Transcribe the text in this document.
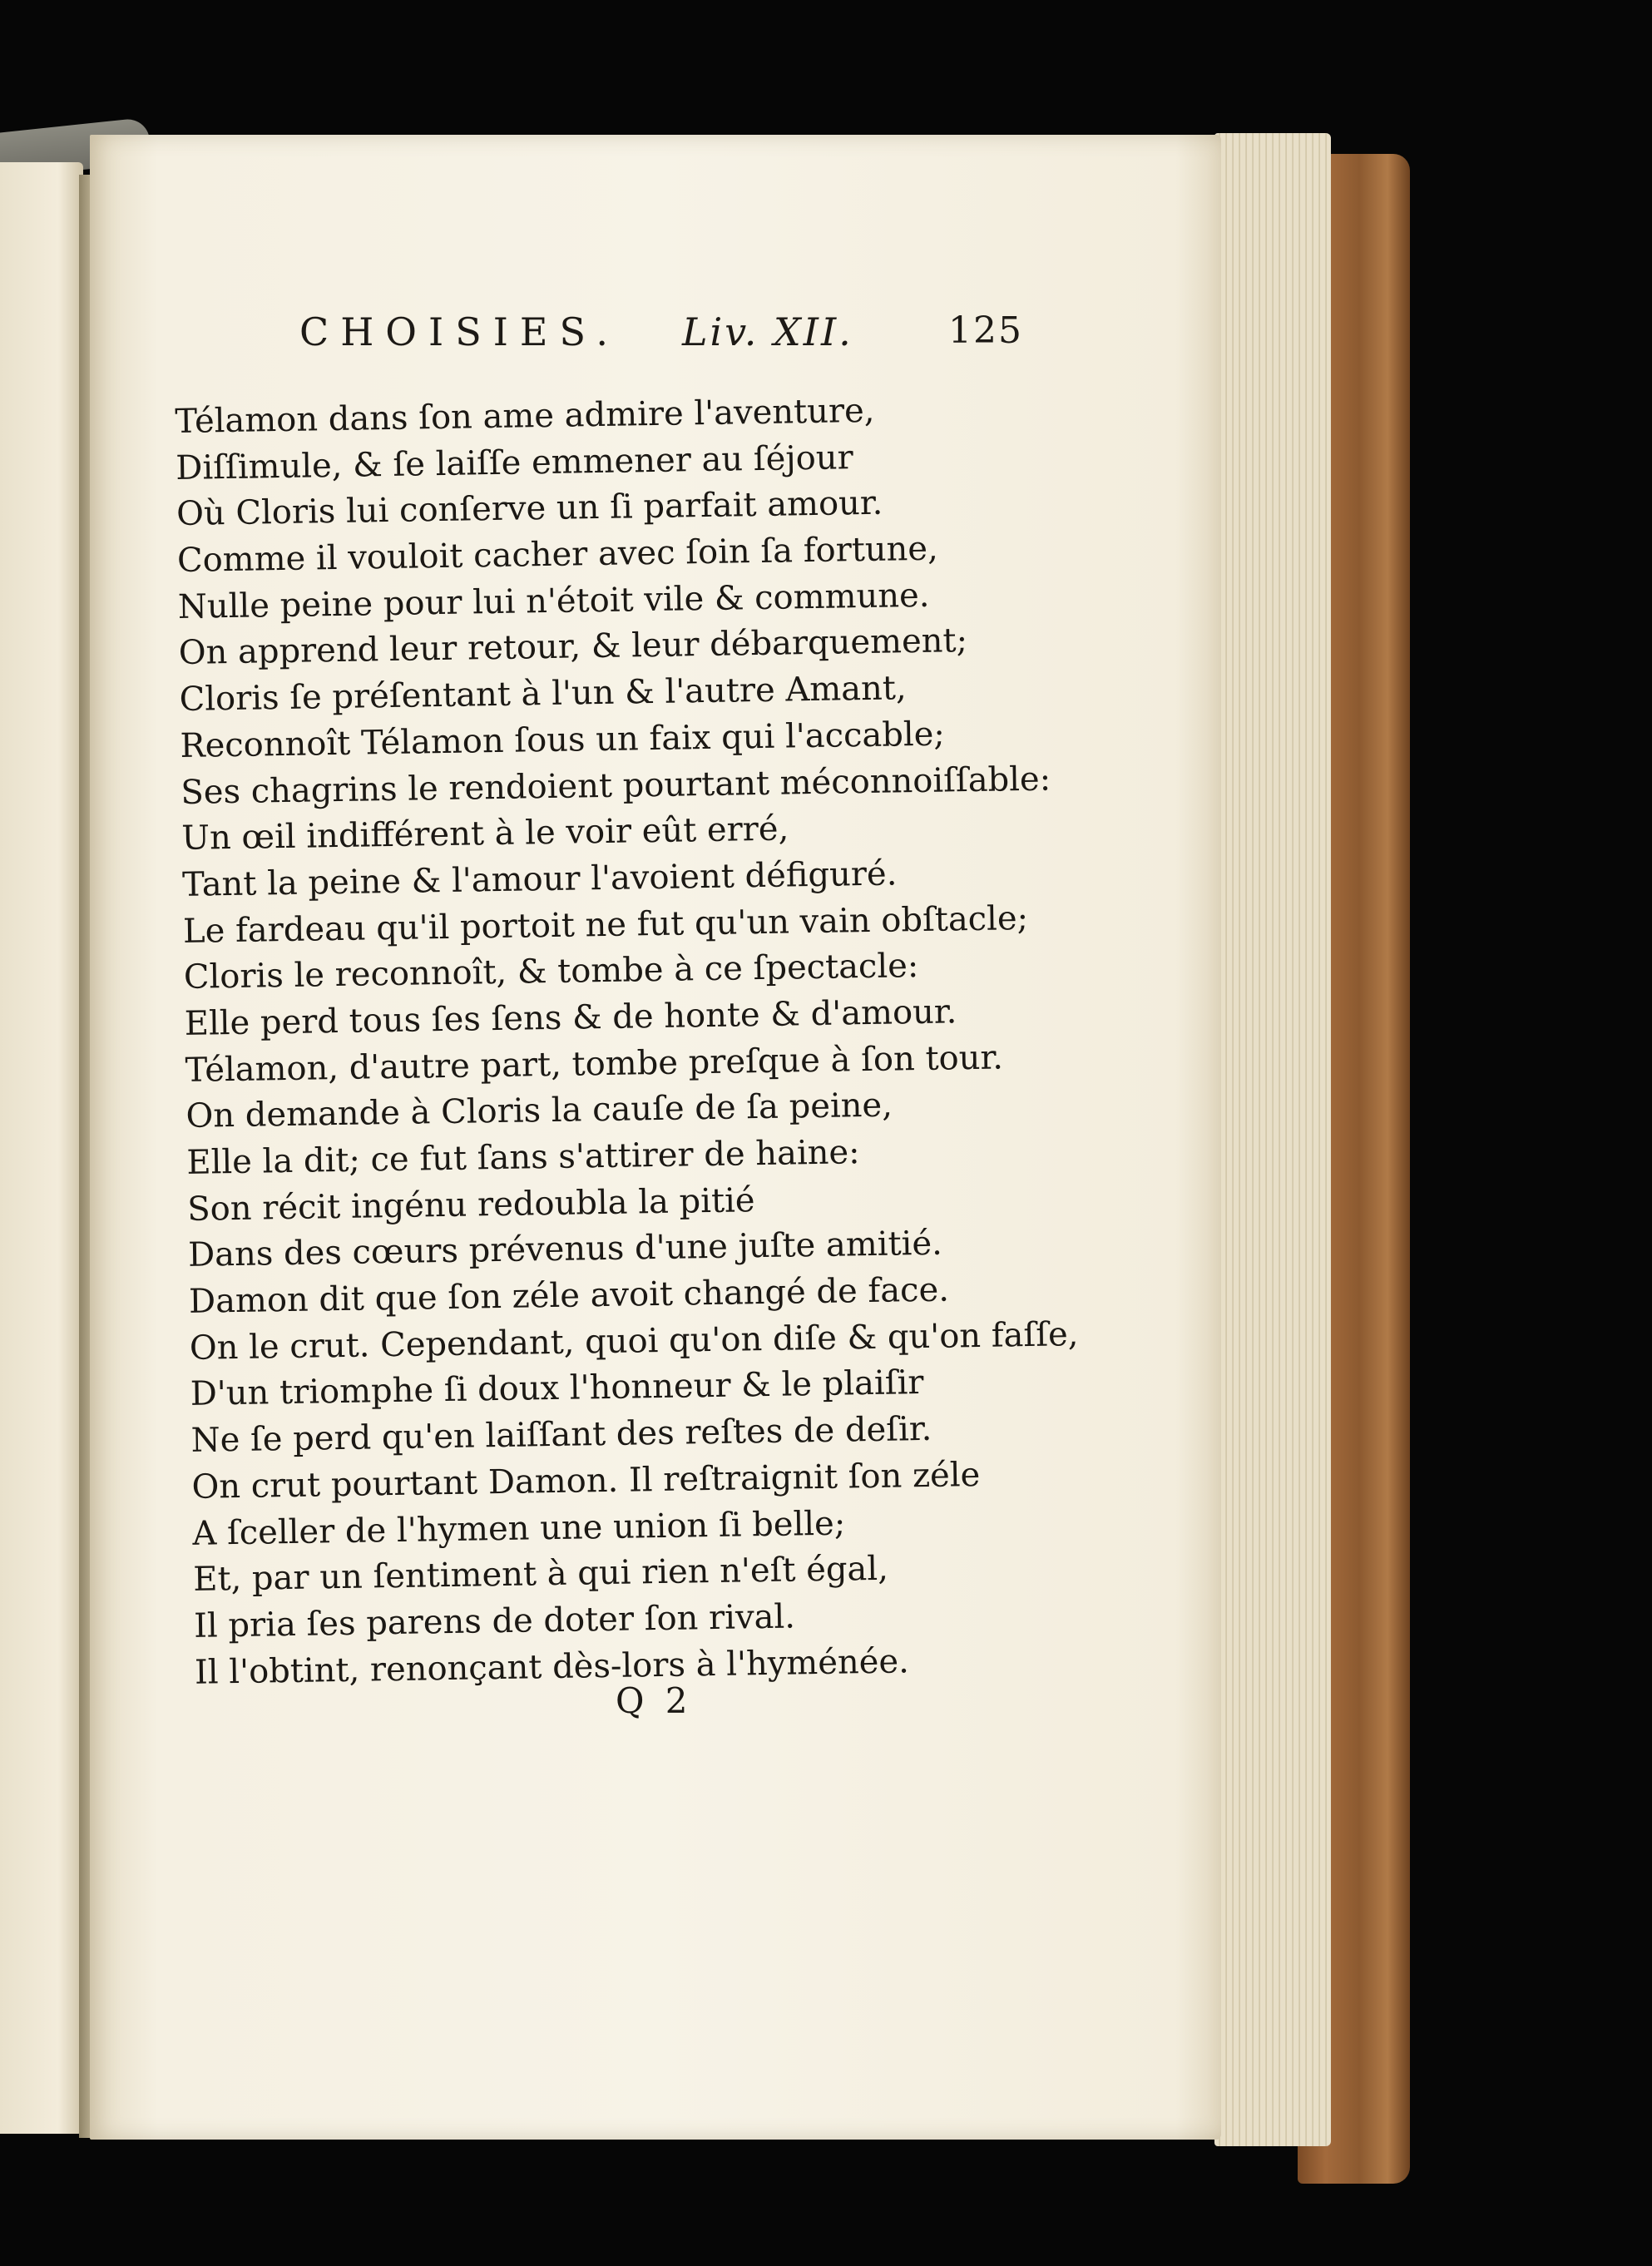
CHOISIES. Liv. XII.	125
Télamon dans ſon ame admire l'aventure,
Diſſimule, & ſe laiſſe emmener au ſéjour
Où Cloris lui conſerve un ſi parfait amour.
Comme il vouloit cacher avec ſoin ſa fortune,
Nulle peine pour lui n'étoit vile & commune.
On apprend leur retour, & leur débarquement;
Cloris ſe préſentant à l'un & l'autre Amant,
Reconnoît Télamon ſous un faix qui l'accable;
Ses chagrins le rendoient pourtant méconnoiſſable:
Un œil indifférent à le voir eût erré,
Tant la peine & l'amour l'avoient défiguré.
Le fardeau qu'il portoit ne fut qu'un vain obſtacle;
Cloris le reconnoît, & tombe à ce ſpectacle:
Elle perd tous ſes ſens & de honte & d'amour.
Télamon, d'autre part, tombe preſque à ſon tour.
On demande à Cloris la cauſe de ſa peine,
Elle la dit; ce fut ſans s'attirer de haine:
Son récit ingénu redoubla la pitié
Dans des cœurs prévenus d'une juſte amitié.
Damon dit que ſon zéle avoit changé de face.
On le crut. Cependant, quoi qu'on diſe & qu'on faſſe,
D'un triomphe ſi doux l'honneur & le plaiſir
Ne ſe perd qu'en laiſſant des reſtes de deſir.
On crut pourtant Damon. Il reſtraignit ſon zéle
A ſceller de l'hymen une union ſi belle;
Et, par un ſentiment à qui rien n'eſt égal,
Il pria ſes parens de doter ſon rival.
Il l'obtint, renonçant dès-lors à l'hyménée.
Q 2
